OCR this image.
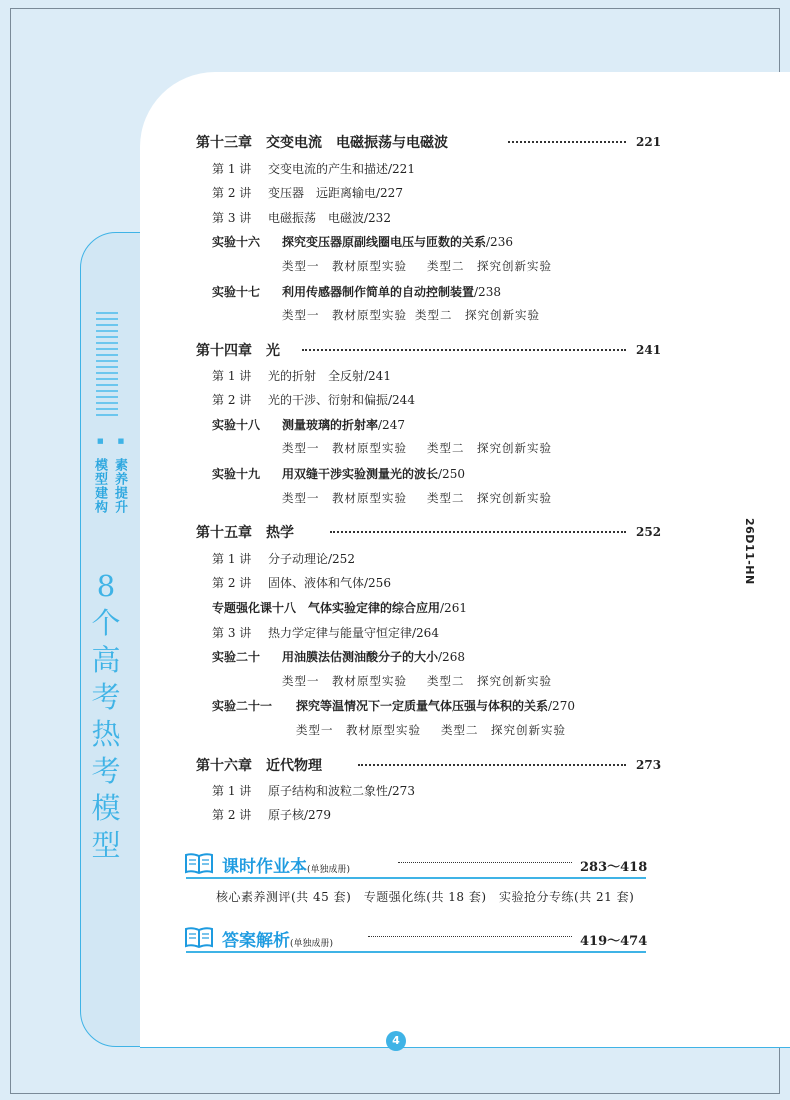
■■
素养提升
模型建构
8
个
高
考
热
考
模
型
26D11-HN
第十三章 交变电流 电磁振荡与电磁波	221
第 1 讲 交变电流的产生和描述/221
第 2 讲 变压器　远距离输电/227
第 3 讲 电磁振荡　电磁波/232
实验十六 探究变压器原副线圈电压与匝数的关系/236
类型一　教材原型实验 类型二　探究创新实验
实验十七 利用传感器制作简单的自动控制装置/238
类型一　教材原型实验 类型二　探究创新实验
第十四章 光	241
第 1 讲 光的折射　全反射/241
第 2 讲 光的干涉、衍射和偏振/244
实验十八 测量玻璃的折射率/247
类型一　教材原型实验 类型二　探究创新实验
实验十九 用双缝干涉实验测量光的波长/250
类型一　教材原型实验 类型二　探究创新实验
第十五章 热学	252
第 1 讲 分子动理论/252
第 2 讲 固体、液体和气体/256
专题强化课十八　气体实验定律的综合应用/261
第 3 讲 热力学定律与能量守恒定律/264
实验二十 用油膜法估测油酸分子的大小/268
类型一　教材原型实验 类型二　探究创新实验
实验二十一 探究等温情况下一定质量气体压强与体积的关系/270
类型一　教材原型实验 类型二　探究创新实验
第十六章 近代物理	273
第 1 讲 原子结构和波粒二象性/273
第 2 讲 原子核/279
课时作业本(单独成册)	283～418
核心素养测评(共 45 套)　专题强化练(共 18 套)　实验抢分专练(共 21 套)
答案解析(单独成册)	419～474
4
